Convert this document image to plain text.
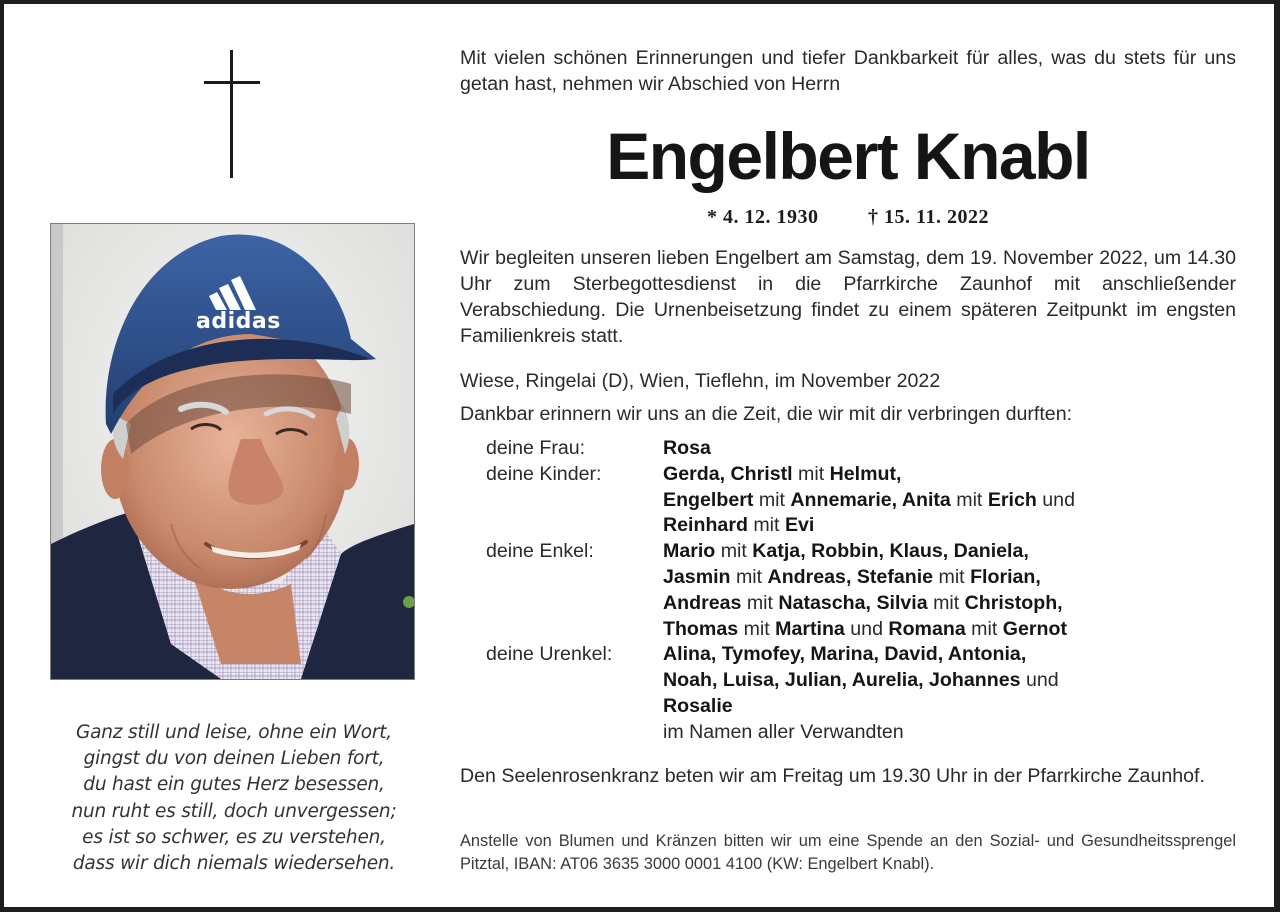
adidas
Ganz still und leise, ohne ein Wort,
gingst du von deinen Lieben fort,
du hast ein gutes Herz besessen,
nun ruht es still, doch unvergessen;
es ist so schwer, es zu verstehen,
dass wir dich niemals wiedersehen.
Mit vielen schönen Erinnerungen und tiefer Dankbarkeit für alles, was du stets für uns getan hast, nehmen wir Abschied von Herrn
Engelbert Knabl
* 4. 12. 1930 † 15. 11. 2022
Wir begleiten unseren lieben Engelbert am Samstag, dem 19. November 2022, um 14.30 Uhr zum Sterbegottesdienst in die Pfarrkirche Zaunhof mit anschließender Verabschiedung. Die Urnenbeisetzung findet zu einem späteren Zeitpunkt im engsten Familienkreis statt.
Wiese, Ringelai (D), Wien, Tieflehn, im November 2022
Dankbar erinnern wir uns an die Zeit, die wir mit dir verbringen durften:
deine Frau:	Rosa
deine Kinder:	Gerda, Christl mit Helmut,
Engelbert mit Annemarie, Anita mit Erich und
Reinhard mit Evi
deine Enkel:	Mario mit Katja, Robbin, Klaus, Daniela,
Jasmin mit Andreas, Stefanie mit Florian,
Andreas mit Natascha, Silvia mit Christoph,
Thomas mit Martina und Romana mit Gernot
deine Urenkel:	Alina, Tymofey, Marina, David, Antonia,
Noah, Luisa, Julian, Aurelia, Johannes und
Rosalie
im Namen aller Verwandten
Den Seelenrosenkranz beten wir am Freitag um 19.30 Uhr in der Pfarrkirche Zaunhof.
Anstelle von Blumen und Kränzen bitten wir um eine Spende an den Sozial- und Gesundheitssprengel Pitztal, IBAN: AT06 3635 3000 0001 4100 (KW: Engelbert Knabl).
